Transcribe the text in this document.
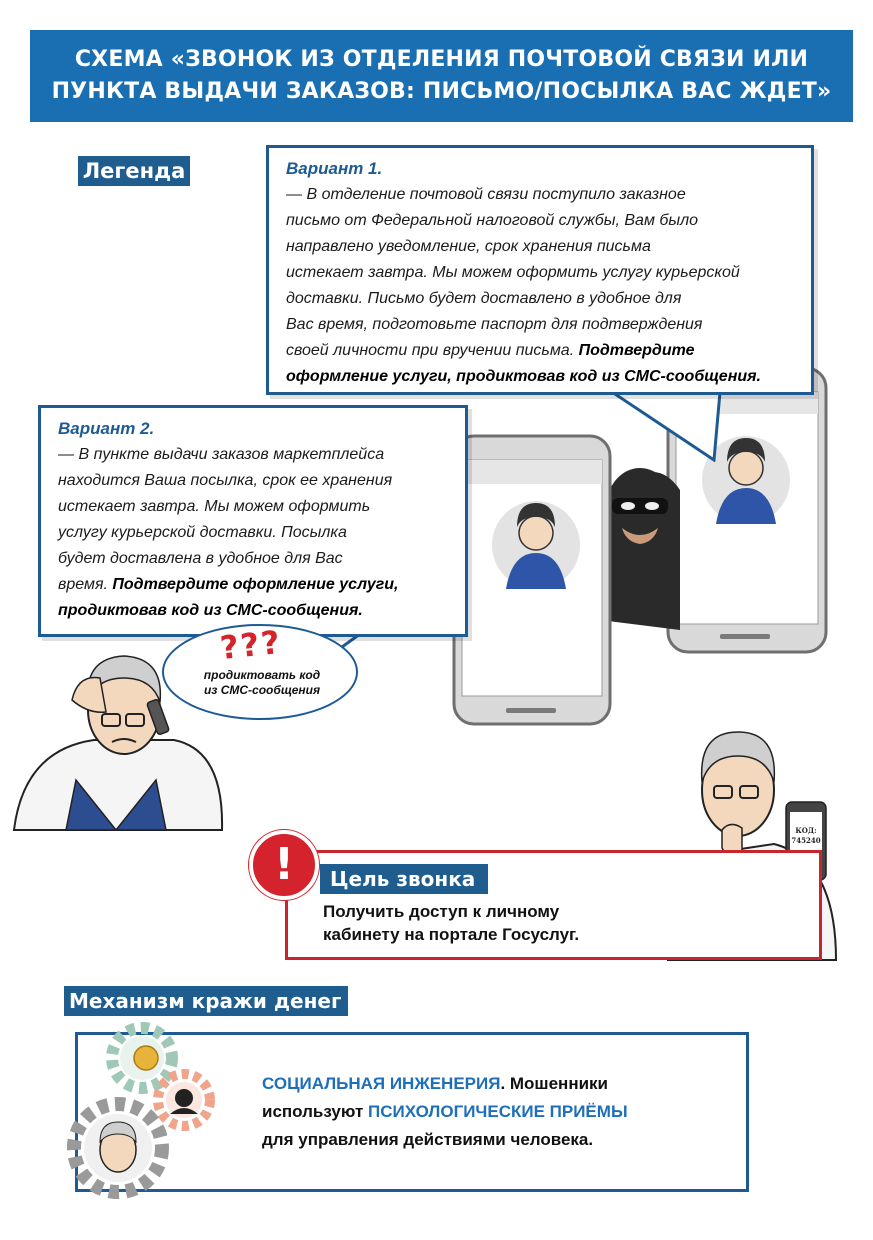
СХЕМА «ЗВОНОК ИЗ ОТДЕЛЕНИЯ ПОЧТОВОЙ СВЯЗИ ИЛИ
ПУНКТА ВЫДАЧИ ЗАКАЗОВ: ПИСЬМО/ПОСЫЛКА ВАС ЖДЕТ»
Легенда	Вариант 1.
— В отделение почтовой связи поступило заказное
письмо от Федеральной налоговой службы, Вам было
направлено уведомление, срок хранения письма
истекает завтра. Мы можем оформить услугу курьерской
доставки. Письмо будет доставлено в удобное для
Вас время, подготовьте паспорт для подтверждения
своей личности при вручении письма. Подтвердите
оформление услуги, продиктовав код из СМС-сообщения.
Вариант 2.
— В пункте выдачи заказов маркетплейса
находится Ваша посылка, срок ее хранения
истекает завтра. Мы можем оформить
услугу курьерской доставки. Посылка
будет доставлена в удобное для Вас
время. Подтвердите оформление услуги,
продиктовав код из СМС-сообщения.
???
продиктовать код
из СМС-сообщения
КОД:
745240
!	Цель звонка
Получить доступ к личному
кабинету на портале Госуслуг.
Механизм кражи денег
СОЦИАЛЬНАЯ ИНЖЕНЕРИЯ. Мошенники
используют ПСИХОЛОГИЧЕСКИЕ ПРИЁМЫ
для управления действиями человека.
